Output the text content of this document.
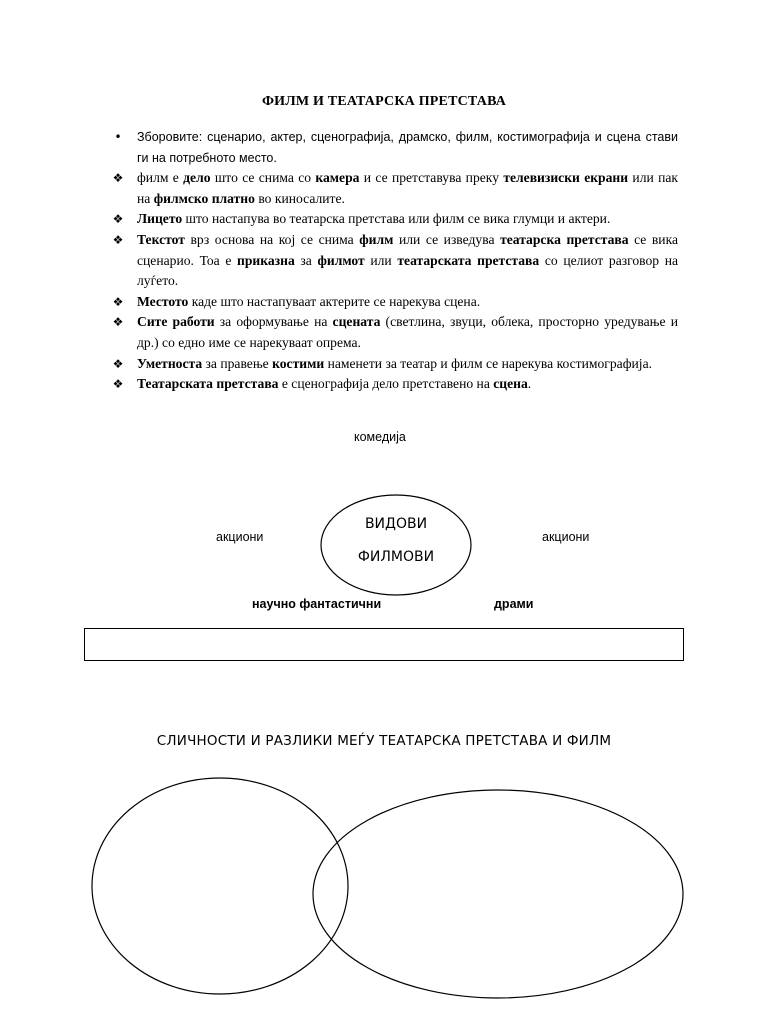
ФИЛМ И ТЕАТАРСКА ПРЕТСТАВА
•	Зборовите: сценарио, актер, сценографија, драмско, филм, костимографија и сцена стави ги на потребното место.
❖ филм е дело што се снима со камера и се претставува преку телевизиски екрани или пак на филмско платно во киносалите.
❖ Лицето што настапува во театарска претстава или филм се вика глумци и актери.
❖ Текстот врз основа на кој се снима филм или се изведува театарска претстава се вика сценарио. Тоа е приказна за филмот или театарската претстава со целиот разговор на луѓето.
❖ Местото каде што настапуваат актерите се нарекува сцена.
❖ Сите работи за оформување на сцената (светлина, звуци, облека, просторно уредување и др.) со едно име се нарекуваат опрема.
❖ Уметноста за правење костими наменети за театар и филм се нарекува костимографија.
❖ Театарската претстава е сценографија дело претставено на сцена.
комедија
акциони	акциони
научно фантастични	драми
ВИДОВИ
ФИЛМОВИ
СЛИЧНОСТИ И РАЗЛИКИ МЕЃУ ТЕАТАРСКА ПРЕТСТАВА И ФИЛМ
